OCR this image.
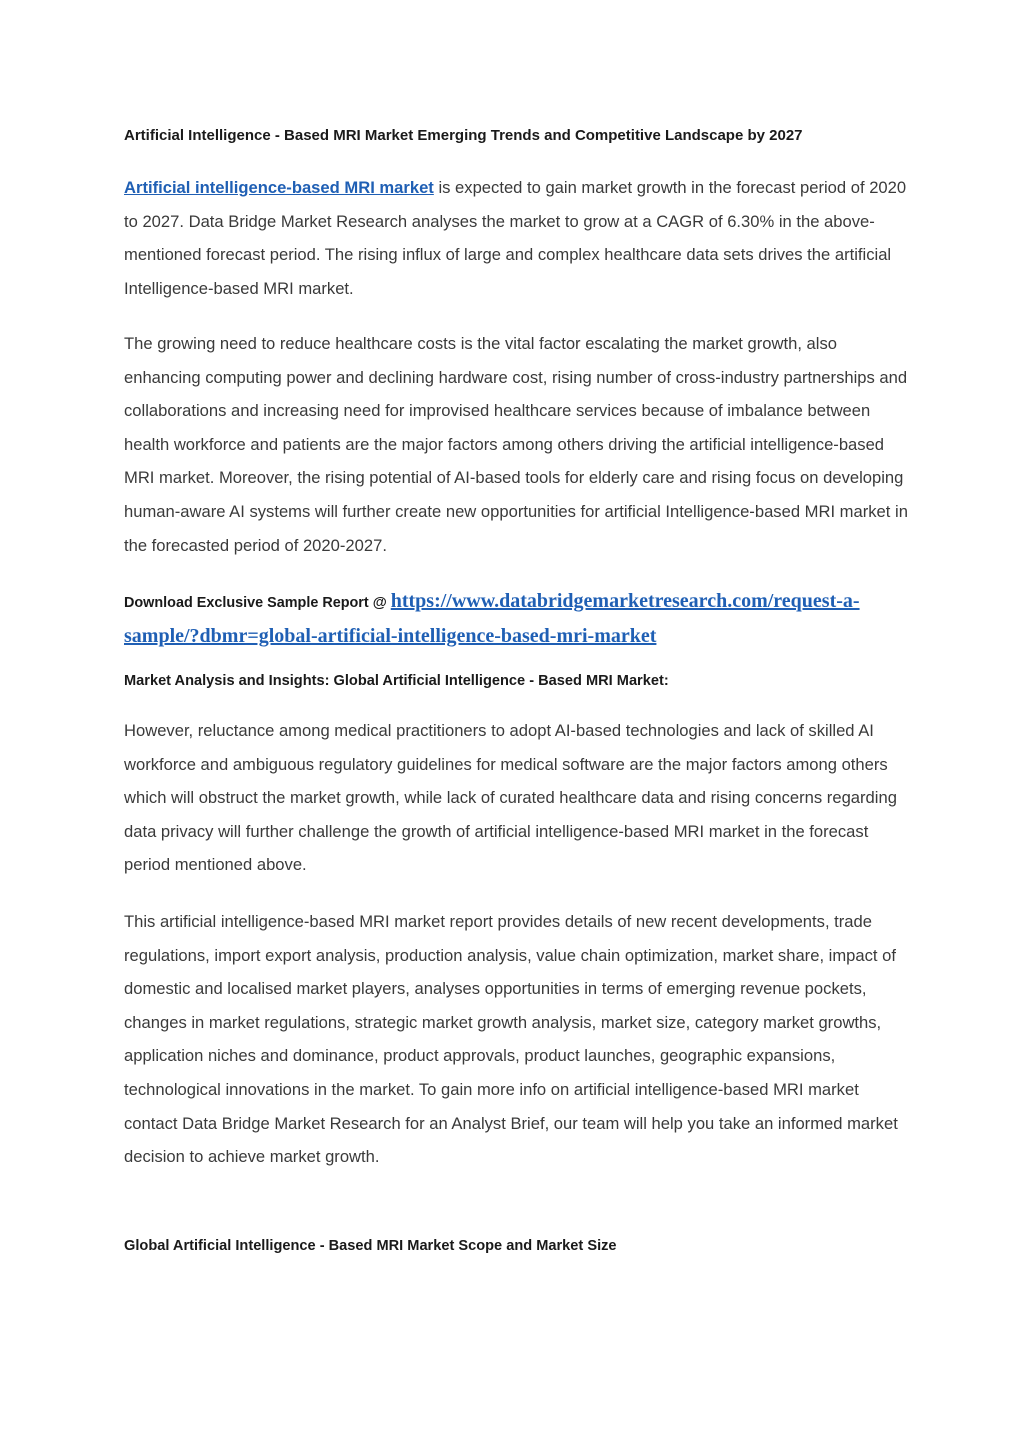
Artificial Intelligence - Based MRI Market Emerging Trends and Competitive Landscape by 2027

Artificial intelligence-based MRI market is expected to gain market growth in the forecast period of 2020 to 2027. Data Bridge Market Research analyses the market to grow at a CAGR of 6.30% in the above-mentioned forecast period. The rising influx of large and complex healthcare data sets drives the artificial Intelligence-based MRI market.

The growing need to reduce healthcare costs is the vital factor escalating the market growth, also enhancing computing power and declining hardware cost, rising number of cross-industry partnerships and collaborations and increasing need for improvised healthcare services because of imbalance between health workforce and patients are the major factors among others driving the artificial intelligence-based MRI market. Moreover, the rising potential of AI-based tools for elderly care and rising focus on developing human-aware AI systems will further create new opportunities for artificial Intelligence-based MRI market in the forecasted period of 2020-2027.

Download Exclusive Sample Report @ https://www.databridgemarketresearch.com/request-a-sample/?dbmr=global-artificial-intelligence-based-mri-market
Market Analysis and Insights: Global Artificial Intelligence - Based MRI Market:

However, reluctance among medical practitioners to adopt AI-based technologies and lack of skilled AI workforce and ambiguous regulatory guidelines for medical software are the major factors among others which will obstruct the market growth, while lack of curated healthcare data and rising concerns regarding data privacy will further challenge the growth of artificial intelligence-based MRI market in the forecast period mentioned above.

This artificial intelligence-based MRI market report provides details of new recent developments, trade regulations, import export analysis, production analysis, value chain optimization, market share, impact of domestic and localised market players, analyses opportunities in terms of emerging revenue pockets, changes in market regulations, strategic market growth analysis, market size, category market growths, application niches and dominance, product approvals, product launches, geographic expansions, technological innovations in the market. To gain more info on artificial intelligence-based MRI market contact Data Bridge Market Research for an Analyst Brief, our team will help you take an informed market decision to achieve market growth.

Global Artificial Intelligence - Based MRI Market Scope and Market Size
